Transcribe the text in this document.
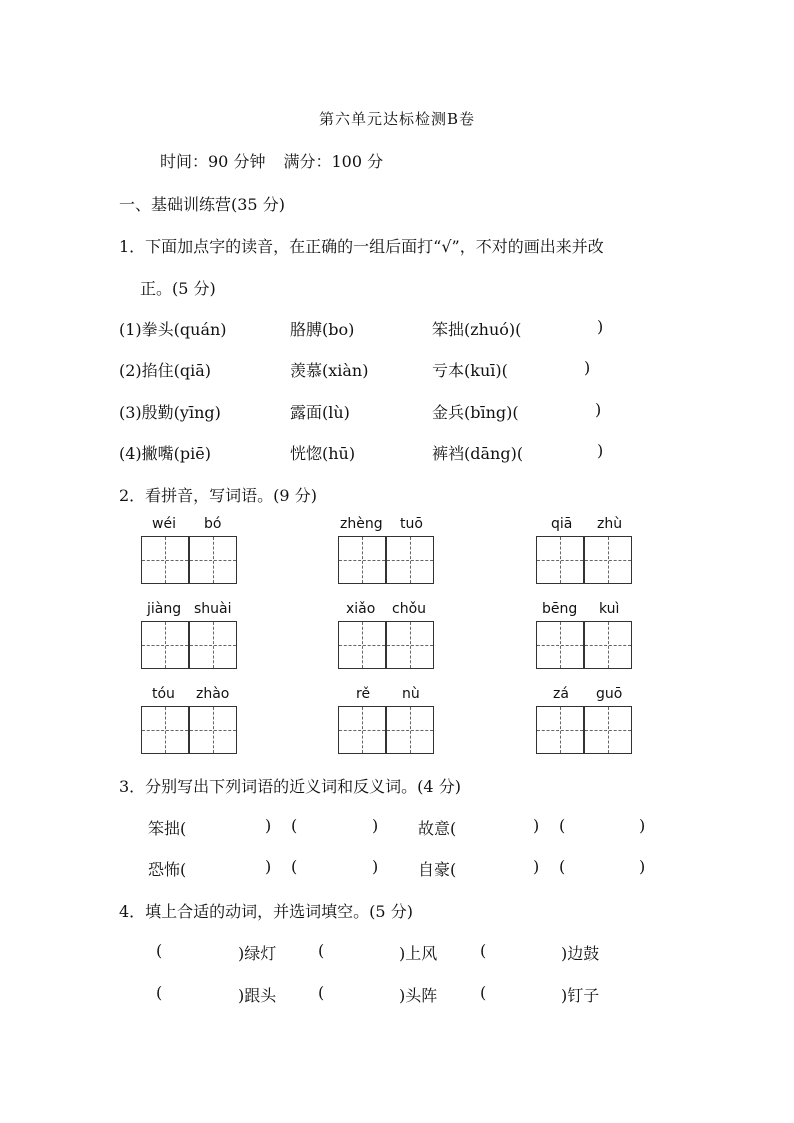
第六单元达标检测B卷
时间：90 分钟 满分：100 分
一、基础训练营(35 分)
1．下面加点字的读音，在正确的一组后面打“√”，不对的画出来并改
正。(5 分)
(1)拳头(quán)	胳膊(bo)	笨拙(zhuó)(	)
(2)掐住(qiā)	羡慕(xiàn)	亏本(kuī)(	)
(3)殷勤(yīng)	露面(lù)	金兵(bīng)(	)
(4)撇嘴(piē)	恍惚(hū)	裤裆(dāng)(	)
2．看拼音，写词语。(9 分)
wéi bó	zhèng tuō	qiā zhù
jiàng shuài	xiǎo chǒu	bēng kuì
tóu zhào	rě nù	zá guō
3．分别写出下列词语的近义词和反义词。(4 分)
笨拙(	) (	) 故意(	) (	)
恐怖(	) (	) 自豪(	) (	)
4．填上合适的动词，并选词填空。(5 分)
(	)绿灯	(	)上风	(	)边鼓
(	)跟头	(	)头阵	(	)钉子
